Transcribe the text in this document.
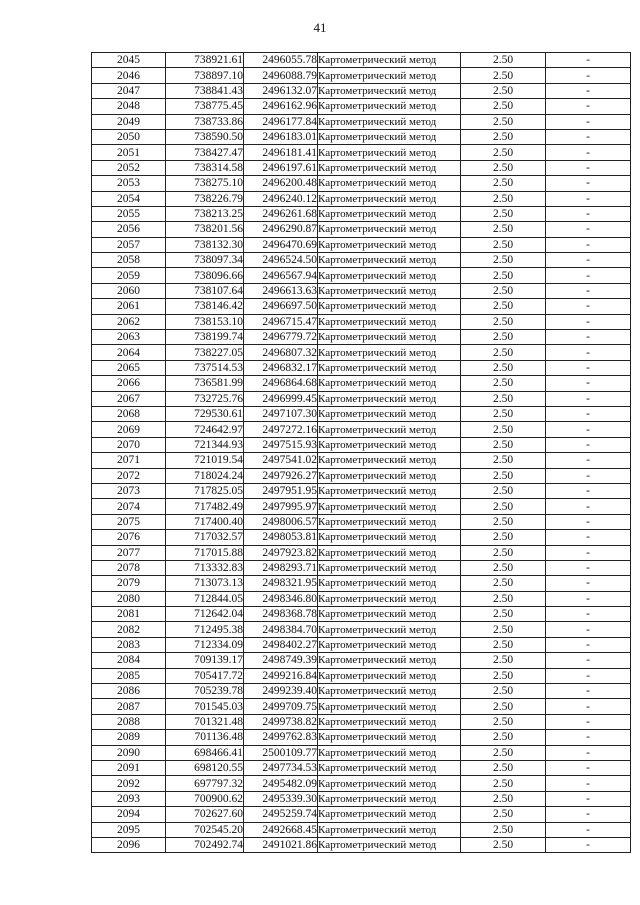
41
2045	738921.61	2496055.78	Картометрический метод	2.50	-
2046	738897.10	2496088.79	Картометрический метод	2.50	-
2047	738841.43	2496132.07	Картометрический метод	2.50	-
2048	738775.45	2496162.96	Картометрический метод	2.50	-
2049	738733.86	2496177.84	Картометрический метод	2.50	-
2050	738590.50	2496183.01	Картометрический метод	2.50	-
2051	738427.47	2496181.41	Картометрический метод	2.50	-
2052	738314.58	2496197.61	Картометрический метод	2.50	-
2053	738275.10	2496200.48	Картометрический метод	2.50	-
2054	738226.79	2496240.12	Картометрический метод	2.50	-
2055	738213.25	2496261.68	Картометрический метод	2.50	-
2056	738201.56	2496290.87	Картометрический метод	2.50	-
2057	738132.30	2496470.69	Картометрический метод	2.50	-
2058	738097.34	2496524.50	Картометрический метод	2.50	-
2059	738096.66	2496567.94	Картометрический метод	2.50	-
2060	738107.64	2496613.63	Картометрический метод	2.50	-
2061	738146.42	2496697.50	Картометрический метод	2.50	-
2062	738153.10	2496715.47	Картометрический метод	2.50	-
2063	738199.74	2496779.72	Картометрический метод	2.50	-
2064	738227.05	2496807.32	Картометрический метод	2.50	-
2065	737514.53	2496832.17	Картометрический метод	2.50	-
2066	736581.99	2496864.68	Картометрический метод	2.50	-
2067	732725.76	2496999.45	Картометрический метод	2.50	-
2068	729530.61	2497107.30	Картометрический метод	2.50	-
2069	724642.97	2497272.16	Картометрический метод	2.50	-
2070	721344.93	2497515.93	Картометрический метод	2.50	-
2071	721019.54	2497541.02	Картометрический метод	2.50	-
2072	718024.24	2497926.27	Картометрический метод	2.50	-
2073	717825.05	2497951.95	Картометрический метод	2.50	-
2074	717482.49	2497995.97	Картометрический метод	2.50	-
2075	717400.40	2498006.57	Картометрический метод	2.50	-
2076	717032.57	2498053.81	Картометрический метод	2.50	-
2077	717015.88	2497923.82	Картометрический метод	2.50	-
2078	713332.83	2498293.71	Картометрический метод	2.50	-
2079	713073.13	2498321.95	Картометрический метод	2.50	-
2080	712844.05	2498346.80	Картометрический метод	2.50	-
2081	712642.04	2498368.78	Картометрический метод	2.50	-
2082	712495.38	2498384.70	Картометрический метод	2.50	-
2083	712334.09	2498402.27	Картометрический метод	2.50	-
2084	709139.17	2498749.39	Картометрический метод	2.50	-
2085	705417.72	2499216.84	Картометрический метод	2.50	-
2086	705239.78	2499239.40	Картометрический метод	2.50	-
2087	701545.03	2499709.75	Картометрический метод	2.50	-
2088	701321.48	2499738.82	Картометрический метод	2.50	-
2089	701136.48	2499762.83	Картометрический метод	2.50	-
2090	698466.41	2500109.77	Картометрический метод	2.50	-
2091	698120.55	2497734.53	Картометрический метод	2.50	-
2092	697797.32	2495482.09	Картометрический метод	2.50	-
2093	700900.62	2495339.30	Картометрический метод	2.50	-
2094	702627.60	2495259.74	Картометрический метод	2.50	-
2095	702545.20	2492668.45	Картометрический метод	2.50	-
2096	702492.74	2491021.86	Картометрический метод	2.50	-
